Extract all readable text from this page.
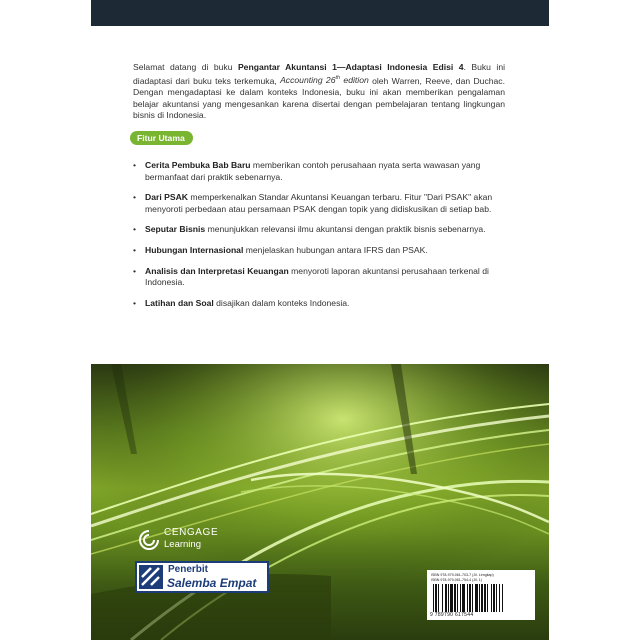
Selamat datang di buku Pengantar Akuntansi 1—Adaptasi Indonesia Edisi 4. Buku ini diadaptasi dari buku teks terkemuka, Accounting 26th edition oleh Warren, Reeve, dan Duchac. Dengan mengadaptasi ke dalam konteks Indonesia, buku ini akan memberikan pengalaman belajar akuntansi yang mengesankan karena disertai dengan pembelajaran tentang lingkungan bisnis di Indonesia.

Fitur Utama
• Cerita Pembuka Bab Baru memberikan contoh perusahaan nyata serta wawasan yang bermanfaat dari praktik sebenarnya.
• Dari PSAK memperkenalkan Standar Akuntansi Keuangan terbaru. Fitur "Dari PSAK" akan menyoroti perbedaan atau persamaan PSAK dengan topik yang didiskusikan di setiap bab.
• Seputar Bisnis menunjukkan relevansi ilmu akuntansi dengan praktik bisnis sebenarnya.
• Hubungan Internasional menjelaskan hubungan antara IFRS dan PSAK.
• Analisis dan Interpretasi Keuangan menyoroti laporan akuntansi perusahaan terkenal di Indonesia.
• Latihan dan Soal disajikan dalam konteks Indonesia.
CENGAGE
Learning
Penerbit
Salemba Empat
ISBN 978-979-061-703-7 (Jil. Lengkap)
ISBN 978-979-061-754-4 (Jil. 1)
9 789790 617544
